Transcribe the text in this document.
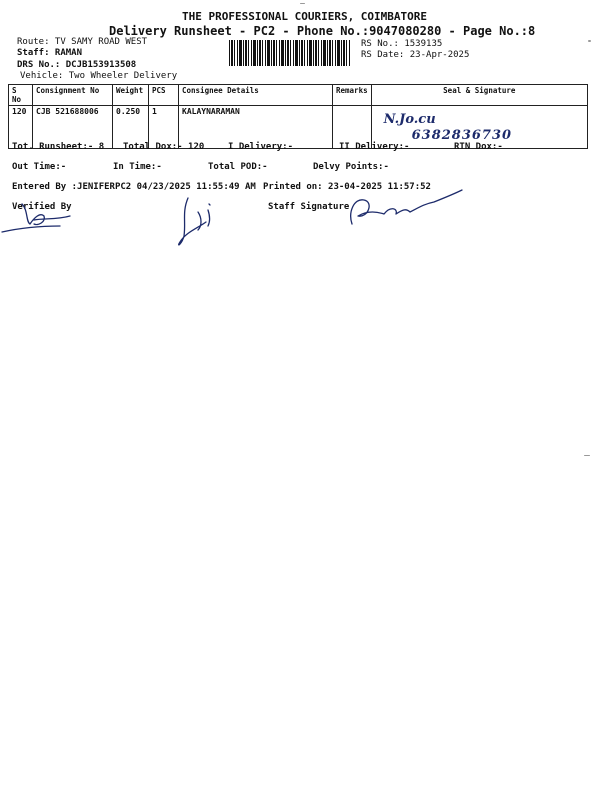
THE PROFESSIONAL COURIERS, COIMBATORE
Delivery Runsheet - PC2 - Phone No.:9047080280 - Page No.:8
Route: TV SAMY ROAD WEST
Staff: RAMAN
DRS No.: DCJB153913508
Vehicle: Two Wheeler Delivery
RS No.: 1539135
RS Date: 23-Apr-2025
S No	Consignment No	Weight	PCS	Consignee Details	Remarks	Seal & Signature
120	CJB 521688006	0.250	1	KALAYNARAMAN		N.Jo.cu
6382836730
Tot. Runsheet:- 8 Total Dox:- 120	I Delivery:-	II Delivery:-	RTN Dox:-
Out Time:-	In Time:-	Total POD:-	Delvy Points:-
Entered By :JENIFERPC2 04/23/2025 11:55:49 AM Printed on: 23-04-2025 11:57:52
Verified By	Staff Signature
